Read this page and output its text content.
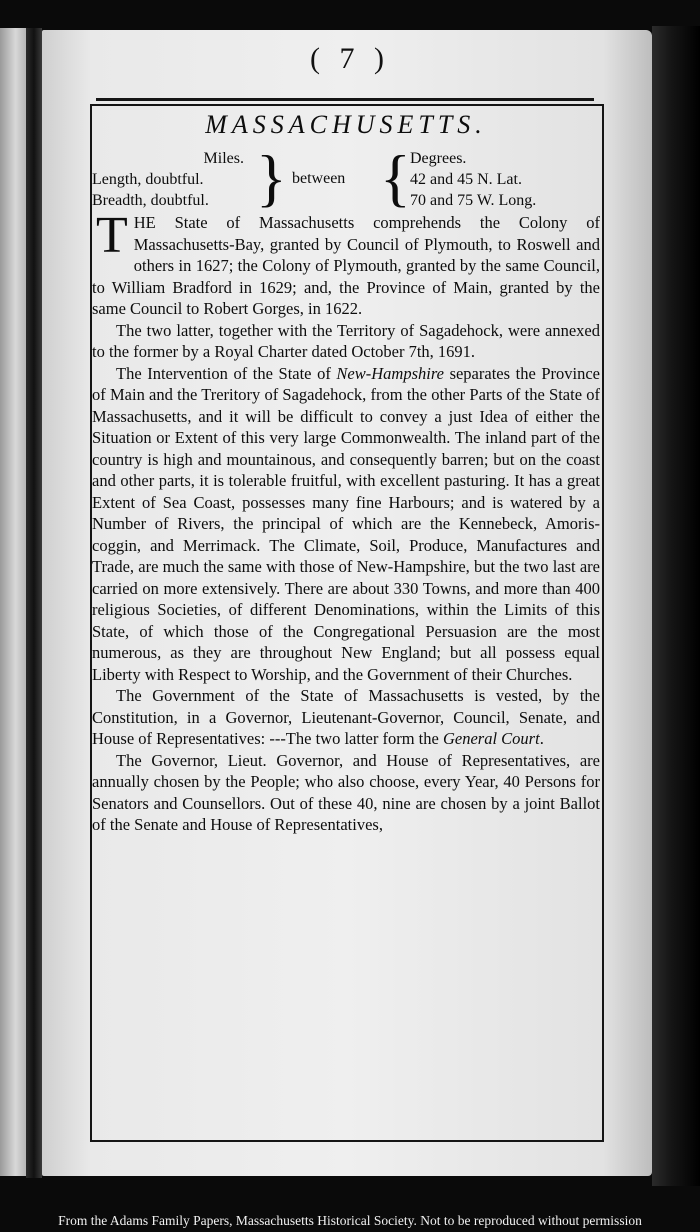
( 7 )
MASSACHUSETTS.
Miles.
Length, doubtful.
Breadth, doubtful. } between { Degrees.
42 and 45 N. Lat.
70 and 75 W. Long.

THE State of Massachusetts comprehends the Colony of Massachusetts-Bay, granted by Council of Plymouth, to Roswell and others in 1627; the Colony of Plymouth, granted by the same Council, to William Bradford in 1629; and, the Province of Main, granted by the same Council to Robert Gorges, in 1622.

The two latter, together with the Territory of Sagadehock, were annexed to the former by a Royal Charter dated October 7th, 1691.

The Intervention of the State of New-Hampshire separates the Province of Main and the Treritory of Sagadehock, from the other Parts of the State of Massachusetts, and it will be difficult to convey a just Idea of either the Situation or Extent of this very large Commonwealth. The inland part of the country is high and mountainous, and consequently barren; but on the coast and other parts, it is tolerable fruitful, with excellent pasturing. It has a great Extent of Sea Coast, possesses many fine Harbours; and is watered by a Number of Rivers, the principal of which are the Kennebeck, Amoris-coggin, and Merrimack. The Climate, Soil, Produce, Manufactures and Trade, are much the same with those of New-Hampshire, but the two last are carried on more extensively. There are about 330 Towns, and more than 400 religious Societies, of different Denominations, within the Limits of this State, of which those of the Congregational Persuasion are the most numerous, as they are throughout New England; but all possess equal Liberty with Respect to Worship, and the Government of their Churches.

The Government of the State of Massachusetts is vested, by the Constitution, in a Governor, Lieutenant-Governor, Council, Senate, and House of Representatives: ---The two latter form the General Court.

The Governor, Lieut. Governor, and House of Representatives, are annually chosen by the People; who also choose, every Year, 40 Persons for Senators and Counsellors. Out of these 40, nine are chosen by a joint Ballot of the Senate and House of Representatives,

From the Adams Family Papers, Massachusetts Historical Society. Not to be reproduced without permission
